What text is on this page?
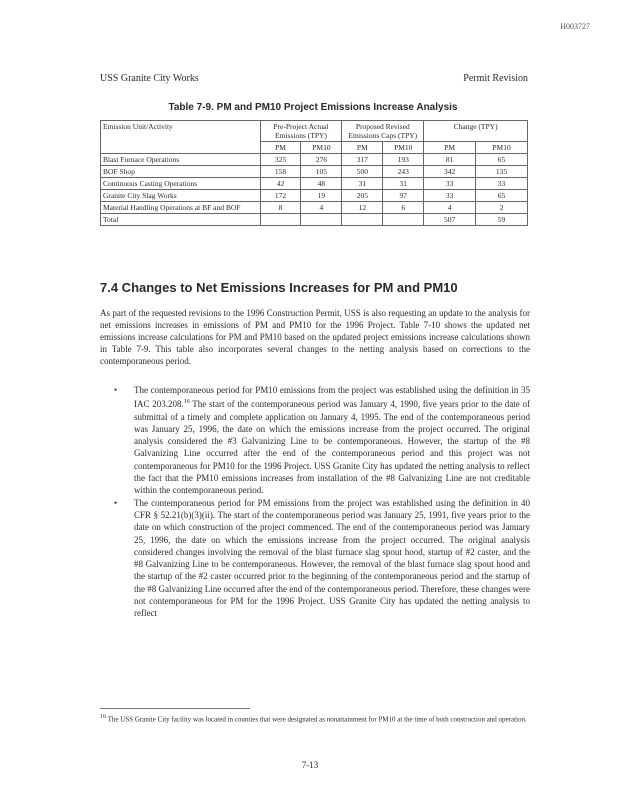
H003727
USS Granite City Works	Permit Revision
Table 7-9. PM and PM10 Project Emissions Increase Analysis
Emission Unit/Activity	Pre-Project Actual Emissions (TPY)		Proposed Revised Emissions Caps (TPY)		Change (TPY)	
	PM	PM10	PM	PM10	PM	PM10
Blast Furnace Operations	325	276	317	193	81	65
BOF Shop	158	105	500	243	342	135
Continuous Casting Operations	42	48	31	31	33	33
Granite City Slag Works	172	19	205	97	33	65
Material Handling Operations at BF and BOF	8	4	12	6	4	2
Total					507	59
7.4 Changes to Net Emissions Increases for PM and PM10
As part of the requested revisions to the 1996 Construction Permit, USS is also requesting an update to the analysis for net emissions increases in emissions of PM and PM10 for the 1996 Project. Table 7-10 shows the updated net emissions increase calculations for PM and PM10 based on the updated project emissions increase calculations shown in Table 7-9. This table also incorporates several changes to the netting analysis based on corrections to the contemporaneous period.
• The contemporaneous period for PM10 emissions from the project was established using the definition in 35 IAC 203.208.16 The start of the contemporaneous period was January 4, 1990, five years prior to the date of submittal of a timely and complete application on January 4, 1995. The end of the contemporaneous period was January 25, 1996, the date on which the emissions increase from the project occurred. The original analysis considered the #3 Galvanizing Line to be contemporaneous. However, the startup of the #8 Galvanizing Line occurred after the end of the contemporaneous period and this project was not contemporaneous for PM10 for the 1996 Project. USS Granite City has updated the netting analysis to reflect the fact that the PM10 emissions increases from installation of the #8 Galvanizing Line are not creditable within the contemporaneous period.
• The contemporaneous period for PM emissions from the project was established using the definition in 40 CFR § 52.21(b)(3)(ii). The start of the contemporaneous period was January 25, 1991, five years prior to the date on which construction of the project commenced. The end of the contemporaneous period was January 25, 1996, the date on which the emissions increase from the project occurred. The original analysis considered changes involving the removal of the blast furnace slag spout hood, startup of #2 caster, and the #8 Galvanizing Line to be contemporaneous. However, the removal of the blast furnace slag spout hood and the startup of the #2 caster occurred prior to the beginning of the contemporaneous period and the startup of the #8 Galvanizing Line occurred after the end of the contemporaneous period. Therefore, these changes were not contemporaneous for PM for the 1996 Project. USS Granite City has updated the netting analysis to reflect
$^{16}$ The USS Granite City facility was located in counties that were designated as nonattainment for PM10 at the time of both construction and operation.
7-13
